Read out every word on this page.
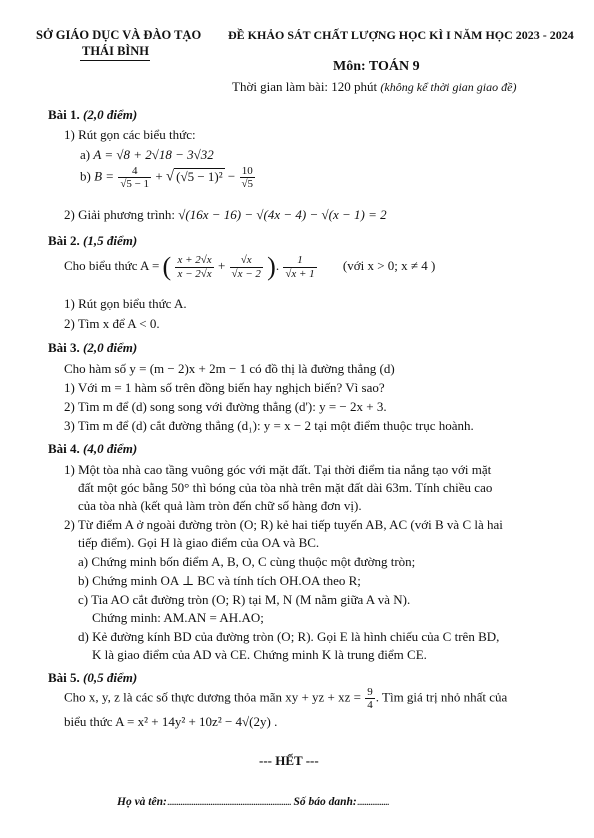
SỞ GIÁO DỤC VÀ ĐÀO TẠO
THÁI BÌNH
ĐỀ KHẢO SÁT CHẤT LƯỢNG HỌC KÌ I NĂM HỌC 2023 - 2024
Môn: TOÁN 9
Thời gian làm bài: 120 phút (không kể thời gian giao đề)
Bài 1. (2,0 điểm)
1) Rút gọn các biểu thức:
a) A = √8 + 2√18 − 3√32
b) $B = \frac{4}{√5 - 1}$ + √ $(√5 - 1)^2 - \frac{10}{√5}$
2) Giải phương trình: √(16x − 16) − √(4x − 4) − √(x − 1) = 2
Bài 2. (1,5 điểm)
Cho biểu thức A = ( $\frac{x + 2√x}{x - 2√x} + \frac{√x}{√x - 2}$ ). $\frac{1}{√x + 1}$ (với x > 0; x ≠ 4 )
1) Rút gọn biểu thức A.
2) Tìm x để A < 0.
Bài 3. (2,0 điểm)
Cho hàm số y = (m − 2)x + 2m − 1 có đồ thị là đường thẳng (d)
1) Với m = 1 hàm số trên đồng biến hay nghịch biến? Vì sao?
2) Tìm m để (d) song song với đường thẳng (d'): y = − 2x + 3.
3) Tìm m để (d) cắt đường thẳng (d₁): y = x − 2 tại một điểm thuộc trục hoành.
Bài 4. (4,0 điểm)
1) Một tòa nhà cao tầng vuông góc với mặt đất. Tại thời điểm tia nắng tạo với mặt
đất một góc bằng 50° thì bóng của tòa nhà trên mặt đất dài 63m. Tính chiều cao
của tòa nhà (kết quả làm tròn đến chữ số hàng đơn vị).
2) Từ điểm A ở ngoài đường tròn (O; R) kẻ hai tiếp tuyến AB, AC (với B và C là hai
tiếp điểm). Gọi H là giao điểm của OA và BC.
a) Chứng minh bốn điểm A, B, O, C cùng thuộc một đường tròn;
b) Chứng minh OA ⊥ BC và tính tích OH.OA theo R;
c) Tia AO cắt đường tròn (O; R) tại M, N (M nằm giữa A và N).
Chứng minh: AM.AN = AH.AO;
d) Kẻ đường kính BD của đường tròn (O; R). Gọi E là hình chiếu của C trên BD,
K là giao điểm của AD và CE. Chứng minh K là trung điểm CE.
Bài 5. (0,5 điểm)
Cho x, y, z là các số thực dương thỏa mãn xy + yz + xz = $\frac{9}{4}$ . Tìm giá trị nhỏ nhất của
biểu thức A = x² + 14y² + 10z² − 4√(2y) .
--- HẾT ---
Họ và tên:.................................................................. Số báo danh:.................
